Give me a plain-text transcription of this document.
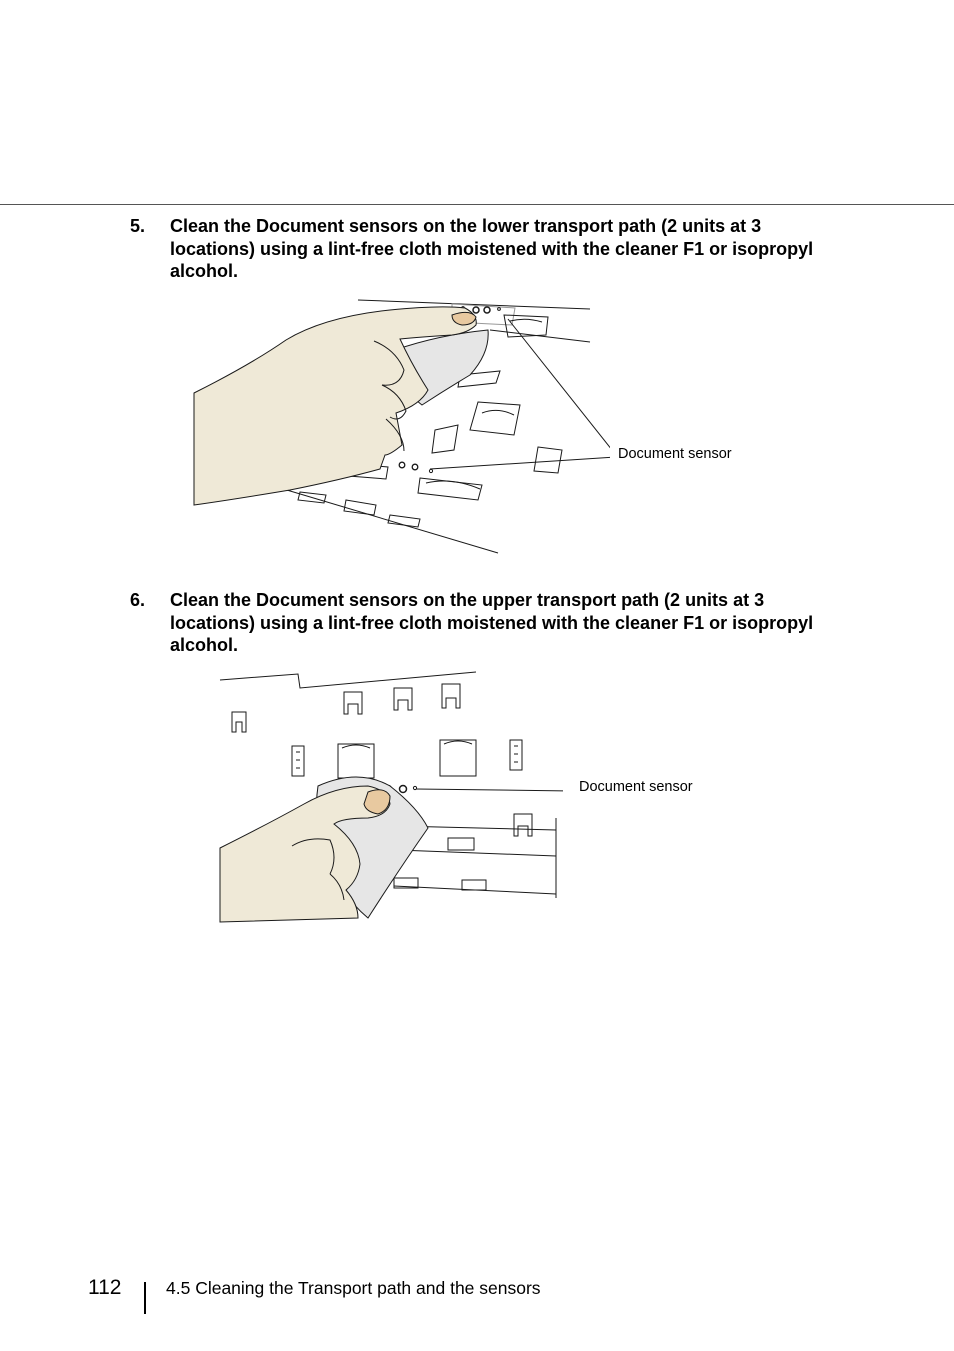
5. Clean the Document sensors on the lower transport path (2 units at 3 locations) using a lint-free cloth moistened with the cleaner F1 or isopropyl alcohol.
Document sensor
6. Clean the Document sensors on the upper transport path (2 units at 3 locations) using a lint-free cloth moistened with the cleaner F1 or isopropyl alcohol.
Document sensor
112	4.5 Cleaning the Transport path and the sensors
